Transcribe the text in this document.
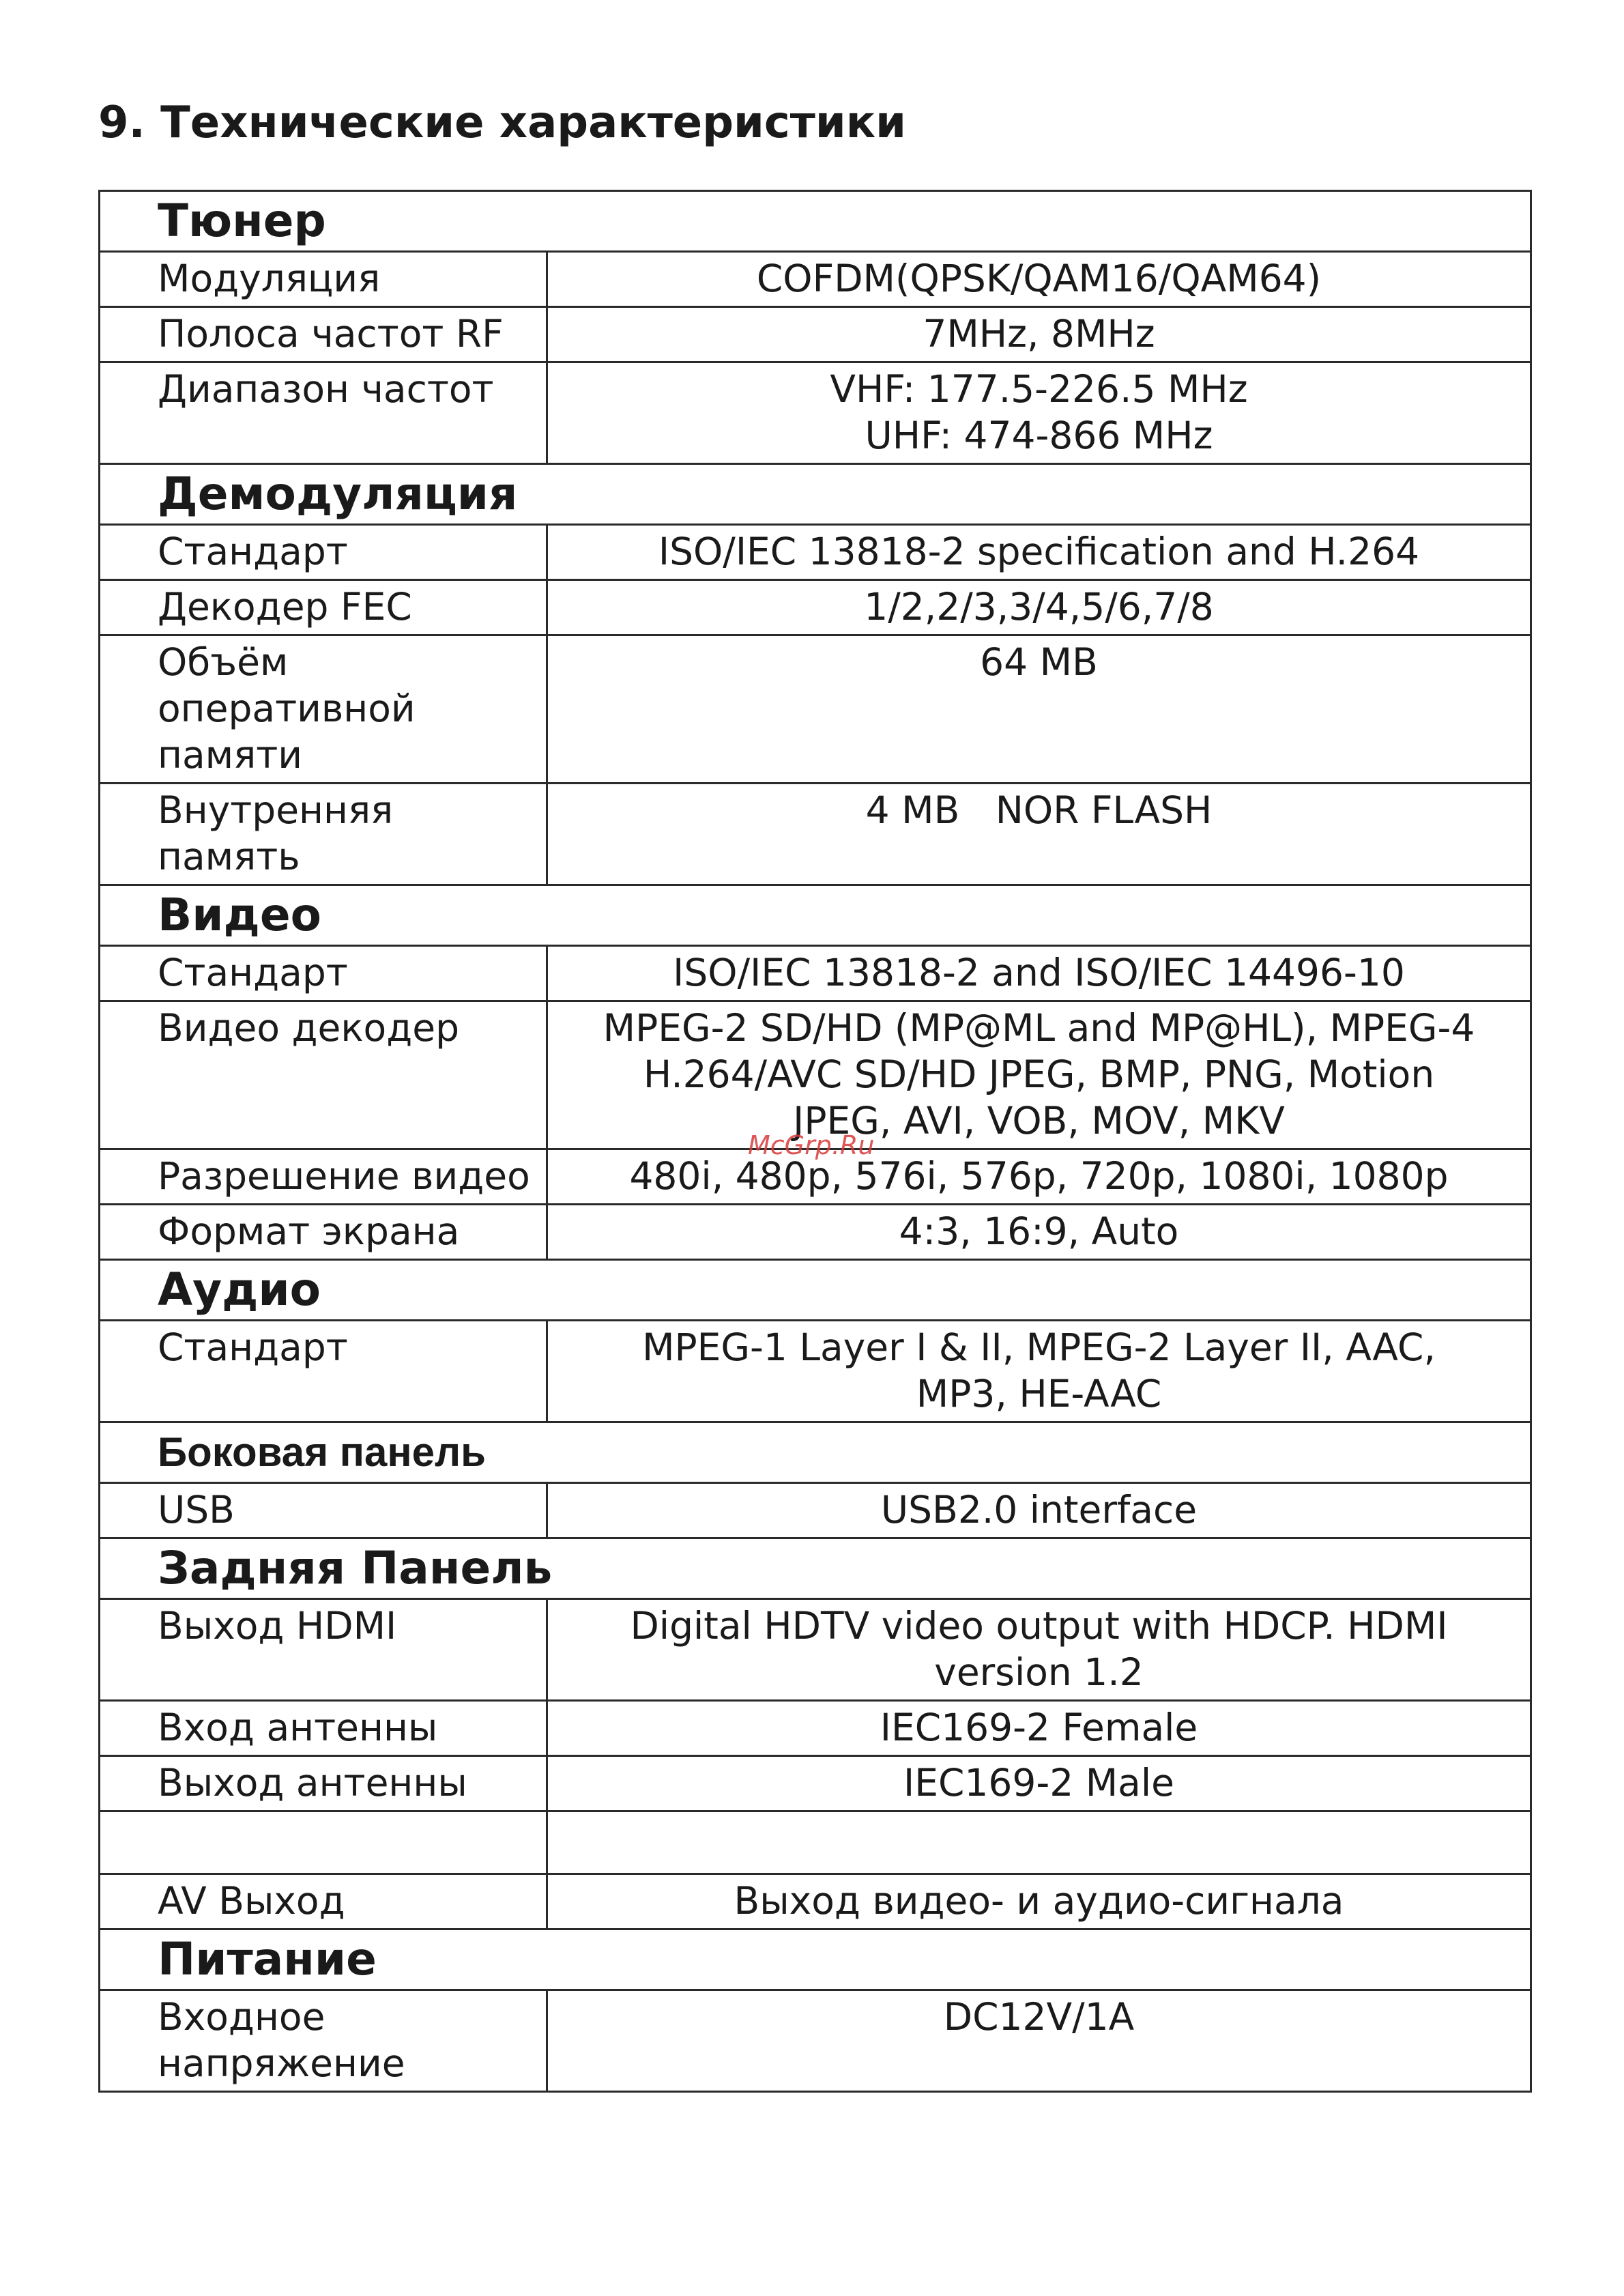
9. Технические характеристики
Тюнер	
Модуляция	COFDM(QPSK/QAM16/QAM64)
Полоса частот RF	7MHz, 8MHz
Диапазон частот	VHF: 177.5-226.5 MHz
UHF: 474-866 MHz

Демодуляция	
Стандарт	ISO/IEC 13818-2 specification and H.264
Декодер FEC	1/2,2/3,3/4,5/6,7/8

Объём
оперативной
памяти	64 MB

Внутренняя
память	4 MB   NOR FLASH
Видео	
Стандарт	ISO/IEC 13818-2 and ISO/IEC 14496-10
Видео декодер	MPEG-2 SD/HD (MP@ML and MP@HL), MPEG-4
H.264/AVC SD/HD JPEG, BMP, PNG, Motion
JPEG, AVI, VOB, MOV, MKV

Разрешение видео	480i, 480p, 576i, 576p, 720p, 1080i, 1080p
Формат экрана	4:3, 16:9, Auto
Аудио	
Стандарт	MPEG-1 Layer I & II, MPEG-2 Layer II, AAC,
MP3, HE-AAC

Боковая панель	
USB	USB2.0 interface
Задняя Панель	
Выход HDMI	Digital HDTV video output with HDCP. HDMI
version 1.2

Вход антенны	IEC169-2 Female
Выход антенны	IEC169-2 Male

AV Выход	Выход видео- и аудио-сигнала
Питание	

Входное
напряжение	DC12V/1A
McGrp.Ru
